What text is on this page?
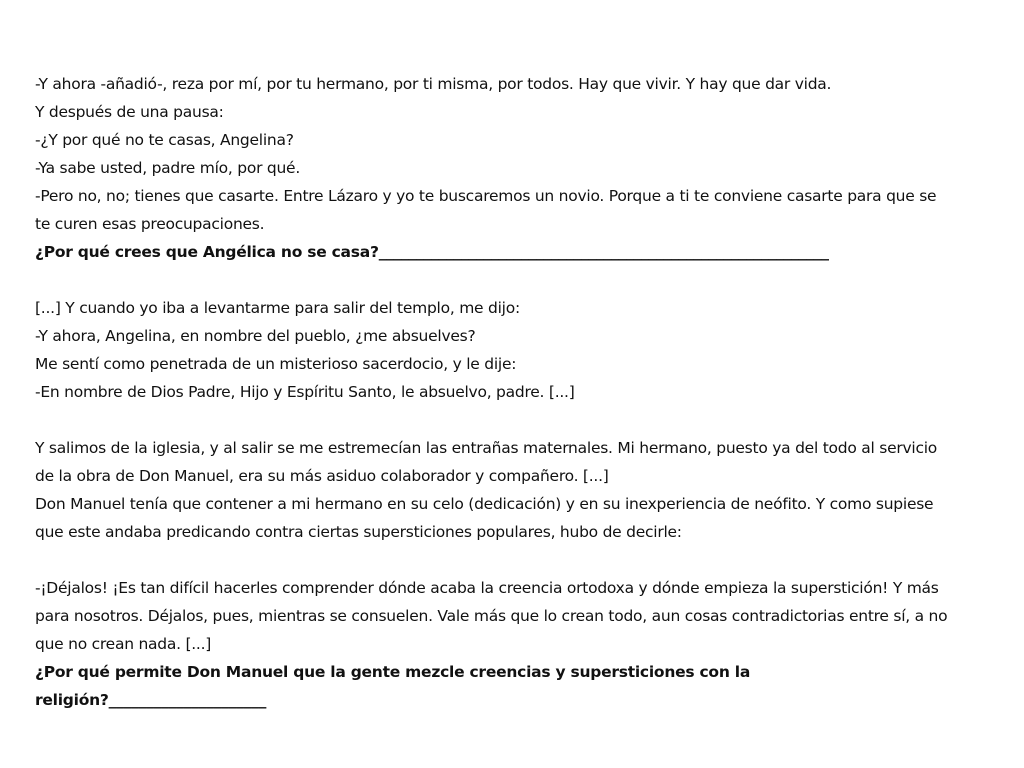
-Y ahora -añadió-, reza por mí, por tu hermano, por ti misma, por todos. Hay que vivir. Y hay que dar vida.
Y después de una pausa:
-¿Y por qué no te casas, Angelina?
-Ya sabe usted, padre mío, por qué.
-Pero no, no; tienes que casarte. Entre Lázaro y yo te buscaremos un novio. Porque a ti te conviene casarte para que se
te curen esas preocupaciones.
¿Por qué crees que Angélica no se casa?____________________________________________________________
[...] Y cuando yo iba a levantarme para salir del templo, me dijo:
-Y ahora, Angelina, en nombre del pueblo, ¿me absuelves?
Me sentí como penetrada de un misterioso sacerdocio, y le dije:
-En nombre de Dios Padre, Hijo y Espíritu Santo, le absuelvo, padre. [...]
Y salimos de la iglesia, y al salir se me estremecían las entrañas maternales. Mi hermano, puesto ya del todo al servicio
de la obra de Don Manuel, era su más asiduo colaborador y compañero. [...]
Don Manuel tenía que contener a mi hermano en su celo (dedicación) y en su inexperiencia de neófito. Y como supiese
que este andaba predicando contra ciertas supersticiones populares, hubo de decirle:
-¡Déjalos! ¡Es tan difícil hacerles comprender dónde acaba la creencia ortodoxa y dónde empieza la superstición! Y más
para nosotros. Déjalos, pues, mientras se consuelen. Vale más que lo crean todo, aun cosas contradictorias entre sí, a no
que no crean nada. [...]
¿Por qué permite Don Manuel que la gente mezcle creencias y supersticiones con la
religión?_____________________
